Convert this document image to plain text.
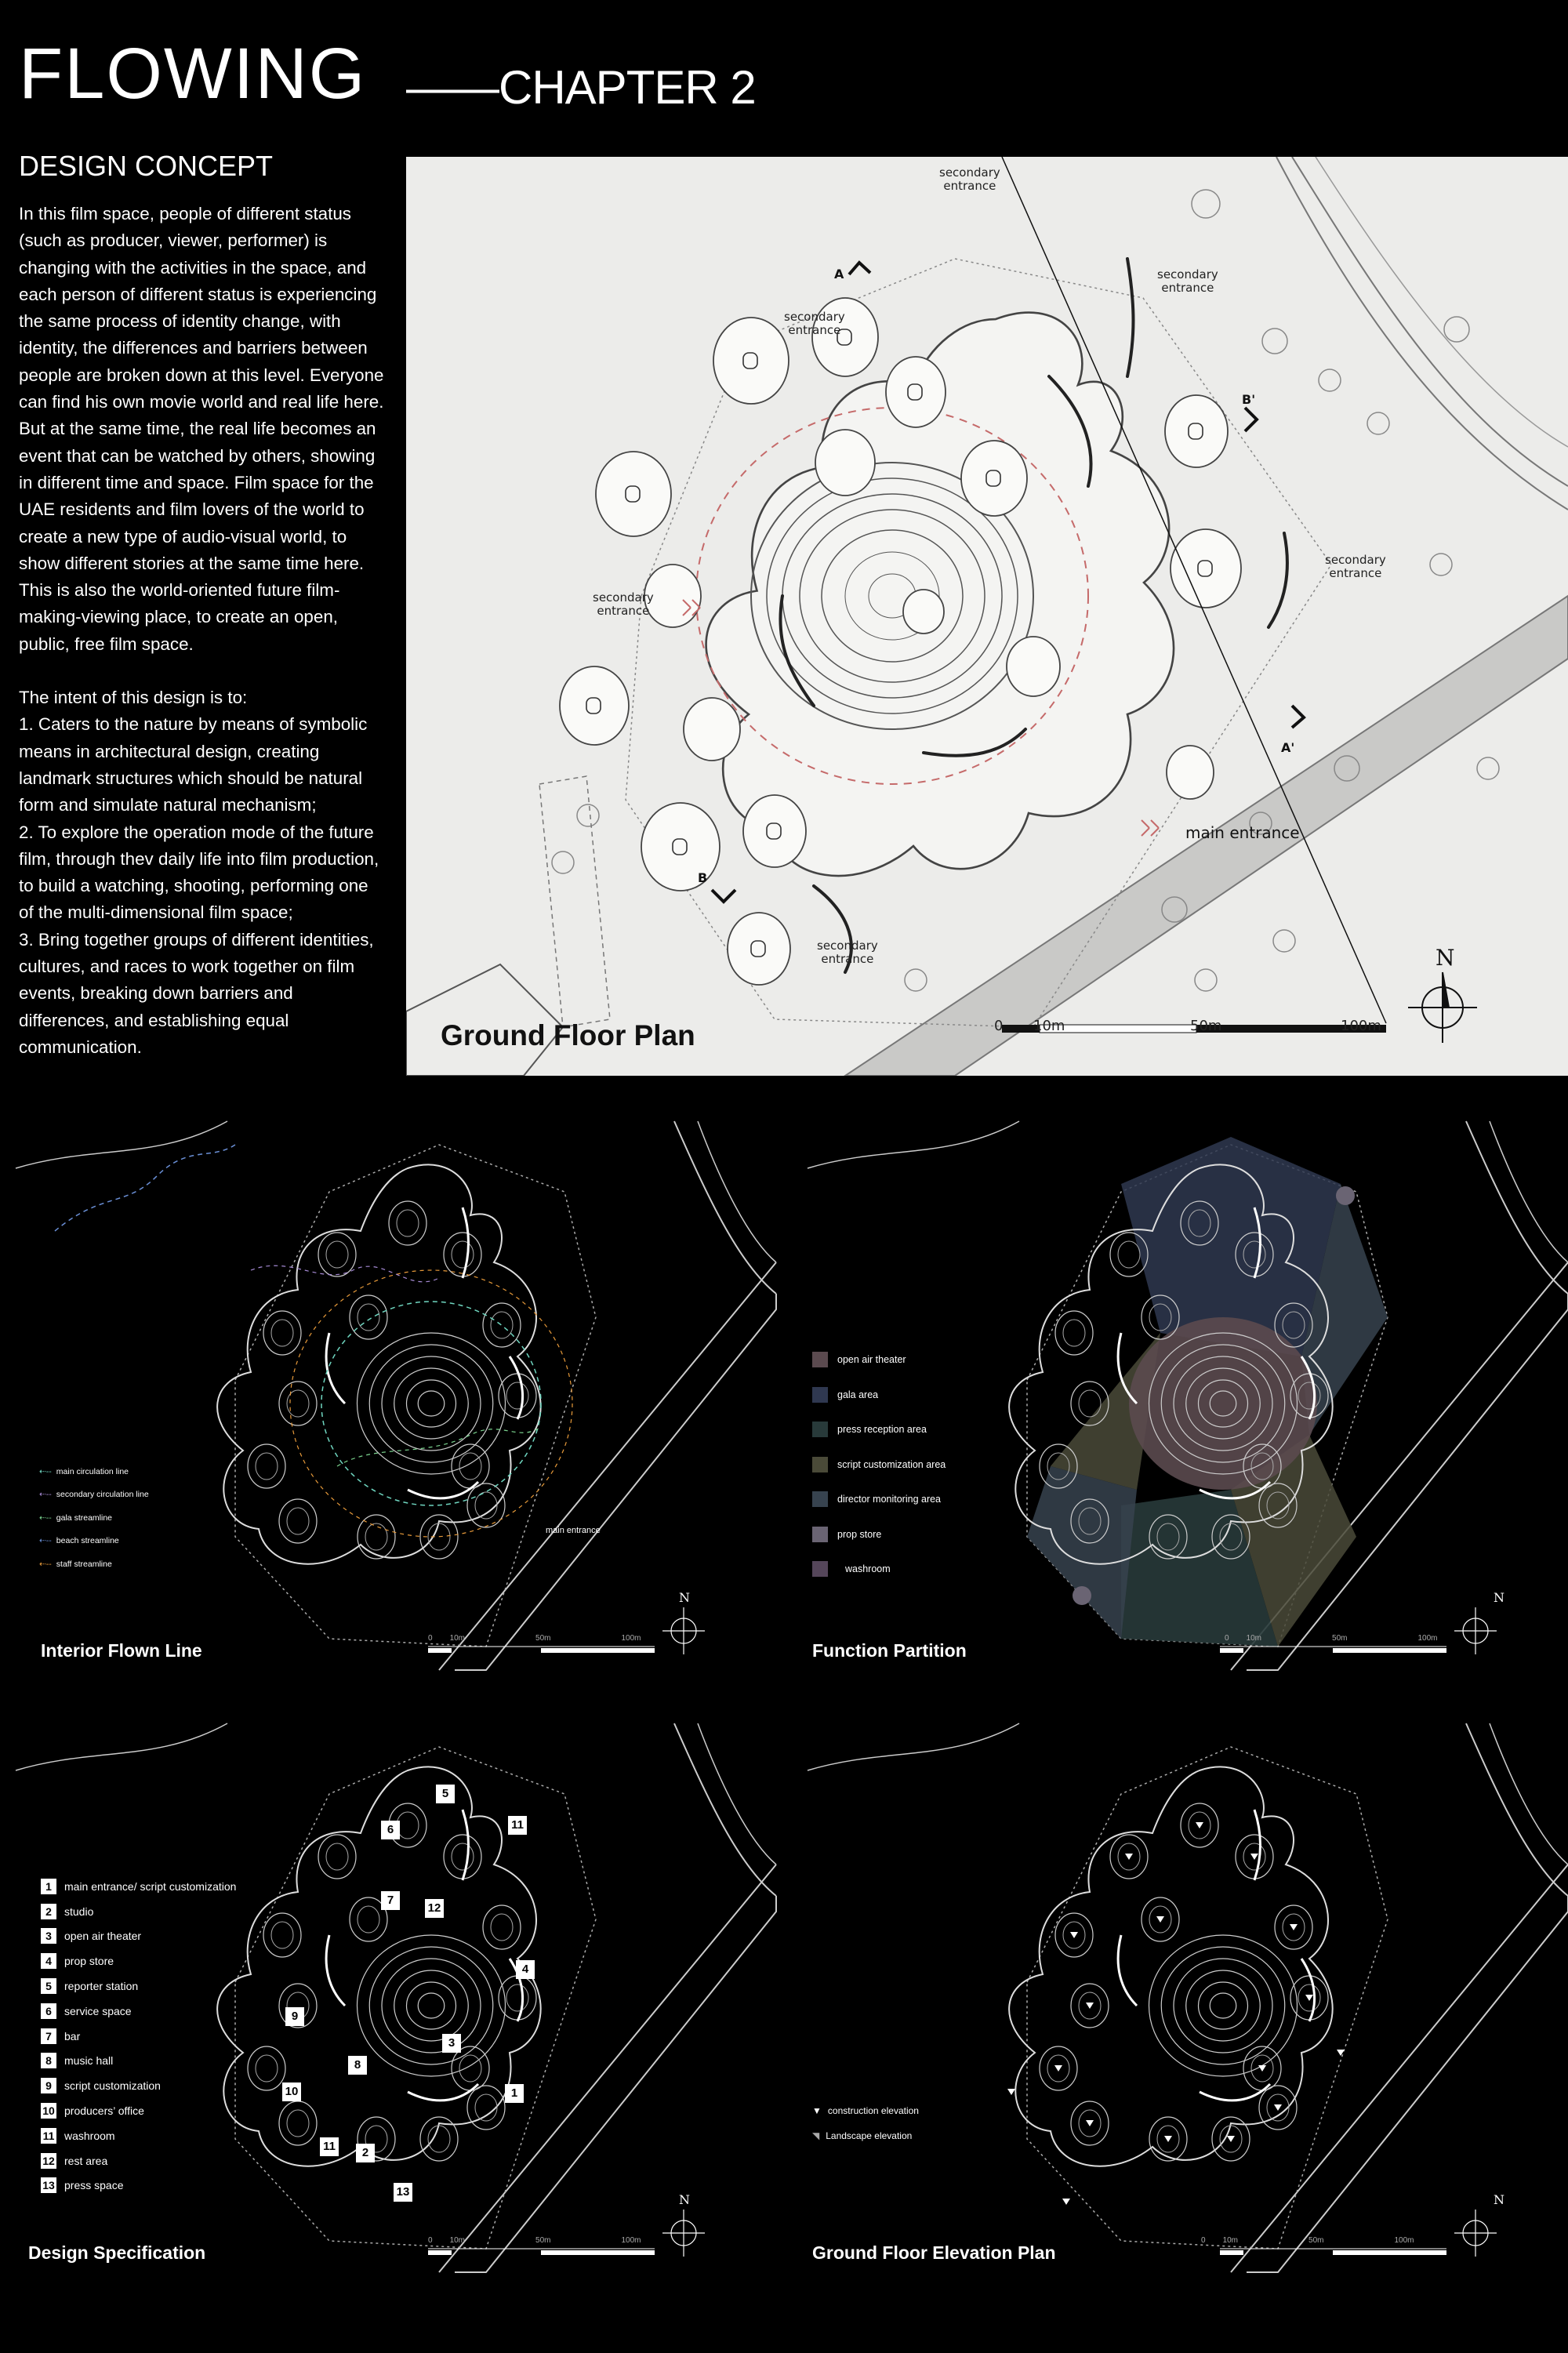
FLOWING ——CHAPTER 2
DESIGN CONCEPT

In this film space, people of different status (such as producer, viewer, performer) is changing with the activities in the space, and each person of different status is experiencing the same process of identity change, with identity, the differences and barriers between people are broken down at this level. Everyone can find his own movie world and real life here. But at the same time, the real life becomes an event that can be watched by others, showing in different time and space. Film space for the UAE residents and film lovers of the world to create a new type of audio-visual world, to show different stories at the same time here. This is also the world-oriented future film-making-viewing place, to create an open, public, free film space.

The intent of this design is to:
1. Caters to the nature by means of symbolic means in architectural design, creating landmark structures which should be natural form and simulate natural mechanism;
2. To explore the operation mode of the future film, through thev daily life into film production, to build a watching, shooting, performing one of the multi-dimensional film space;
3. Bring together groups of different identities, cultures, and races to work together on film events, breaking down barriers and differences, and establishing equal communication.
secondary
entrance
secondary
entrance
secondary
entrance
secondary
entrance
secondary
entrance
secondary
entrance
main entrance
A
A'
B
B'
N
0 10m	50m	100m
Ground Floor Plan
Interior Flown Line
⇠-- main circulation line
⇠-- secondary circulation line
⇠-- gala streamline
⇠-- beach streamline
⇠-- staff streamline
main entrance
Function Partition
open air theater
gala area
press reception area
script customization area
director monitoring area
prop store
washroom
Design Specification
1	main entrance/ script customization
2	studio
3	open air theater
4	prop store
5	reporter station
6	service space
7	bar
8	music hall
9	script customization
10 producers’ office
11 washroom
12 rest area
13 press space
5
11
6
7
12
4
9
3
8
1
10
11	2
13
Ground Floor Elevation Plan
▼ construction elevation
◥ Landscape elevation
N	N
N	N
0 10m	50m	100m	0 10m	50m	100m
0 10m	50m	100m	0 10m	50m	100m
